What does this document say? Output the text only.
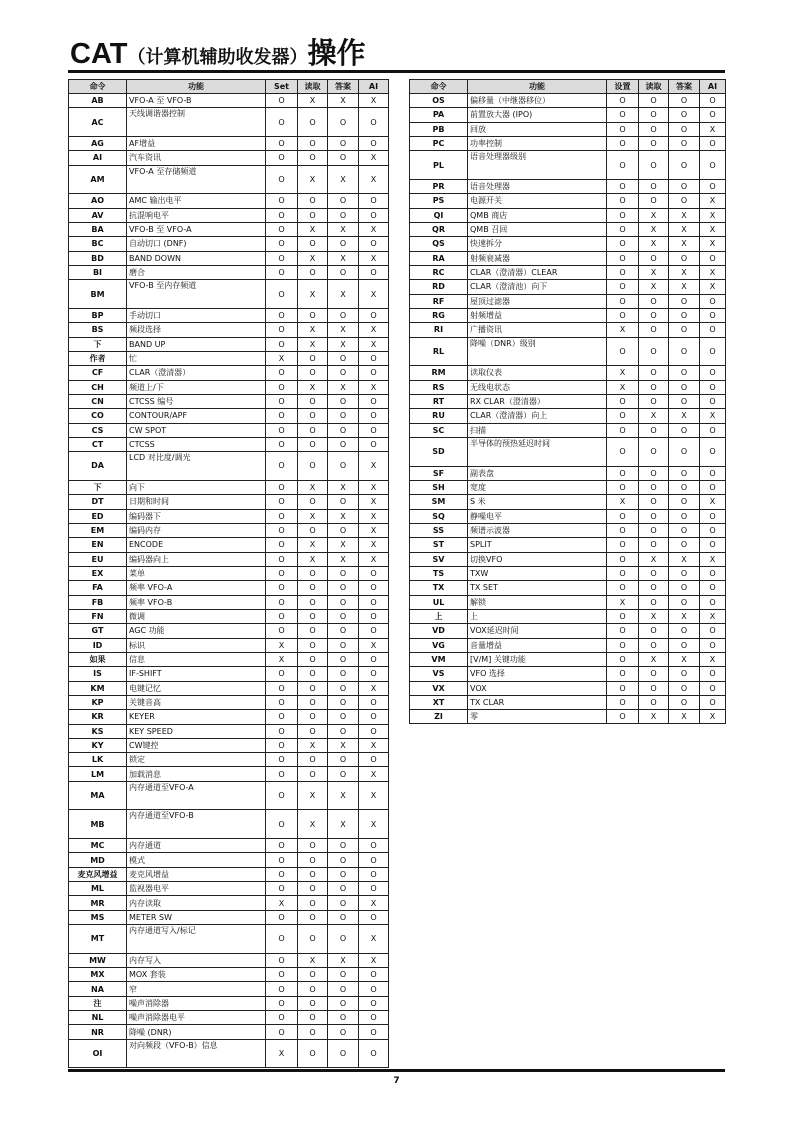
CAT（计算机辅助收发器）操作
命令	功能	Set	读取	答案	AI
AB	VFO-A 至 VFO-B	O	X	X	X
AC	天线调谐器控制	O	O	O	O
AG	AF增益	O	O	O	O
AI	汽车资讯	O	O	O	X
AM	VFO-A 至存储频道	O	X	X	X
AO	AMC 输出电平	O	O	O	O
AV	抗混响电平	O	O	O	O
BA	VFO-B 至 VFO-A	O	X	X	X
BC	自动切口 (DNF)	O	O	O	O
BD	BAND DOWN	O	X	X	X
BI	磨合	O	O	O	O
BM	VFO-B 至内存频道	O	X	X	X
BP	手动切口	O	O	O	O
BS	频段选择	O	X	X	X
下	BAND UP	O	X	X	X
作者	忙	X	O	O	O
CF	CLAR（澄清器）	O	O	O	O
CH	频道上/下	O	X	X	X
CN	CTCSS 编号	O	O	O	O
CO	CONTOUR/APF	O	O	O	O
CS	CW SPOT	O	O	O	O
CT	CTCSS	O	O	O	O
DA	LCD 对比度/调光	O	O	O	X
下	向下	O	X	X	X
DT	日期和时间	O	O	O	X
ED	编码器下	O	X	X	X
EM	编码内存	O	O	O	X
EN	ENCODE	O	X	X	X
EU	编码器向上	O	X	X	X
EX	菜单	O	O	O	O
FA	频率 VFO-A	O	O	O	O
FB	频率 VFO-B	O	O	O	O
FN	微调	O	O	O	O
GT	AGC 功能	O	O	O	O
ID	标识	X	O	O	X
如果	信息	X	O	O	O
IS	IF-SHIFT	O	O	O	O
KM	电键记忆	O	O	O	X
KP	关键音高	O	O	O	O
KR	KEYER	O	O	O	O
KS	KEY SPEED	O	O	O	O
KY	CW键控	O	X	X	X
LK	锁定	O	O	O	O
LM	加载消息	O	O	O	X
MA	内存通道至VFO-A	O	X	X	X
MB	内存通道至VFO-B	O	X	X	X
MC	内存通道	O	O	O	O
MD	模式	O	O	O	O
麦克风增益	麦克风增益	O	O	O	O
ML	监视器电平	O	O	O	O
MR	内存读取	X	O	O	X
MS	METER SW	O	O	O	O
MT	内存通道写入/标记	O	O	O	X
MW	内存写入	O	X	X	X
MX	MOX 套装	O	O	O	O
NA	窄	O	O	O	O
注	噪声消除器	O	O	O	O
NL	噪声消除器电平	O	O	O	O
NR	降噪 (DNR)	O	O	O	O
OI	对向频段（VFO-B）信息	X	O	O	O
命令	功能	设置	读取	答案	AI
OS	偏移量（中继器移位）	O	O	O	O
PA	前置放大器 (IPO)	O	O	O	O
PB	回放	O	O	O	X
PC	功率控制	O	O	O	O
PL	语音处理器级别	O	O	O	O
PR	语音处理器	O	O	O	O
PS	电源开关	O	O	O	X
QI	QMB 商店	O	X	X	X
QR	QMB 召回	O	X	X	X
QS	快速拆分	O	X	X	X
RA	射频衰减器	O	O	O	O
RC	CLAR（澄清器）CLEAR	O	X	X	X
RD	CLAR（澄清池）向下	O	X	X	X
RF	屋顶过滤器	O	O	O	O
RG	射频增益	O	O	O	O
RI	广播资讯	X	O	O	O
RL	降噪（DNR）级别	O	O	O	O
RM	读取仪表	X	O	O	O
RS	无线电状态	X	O	O	O
RT	RX CLAR（澄清器）	O	O	O	O
RU	CLAR（澄清器）向上	O	X	X	X
SC	扫描	O	O	O	O
SD	半导体的预热延迟时间	O	O	O	O
SF	副表盘	O	O	O	O
SH	宽度	O	O	O	O
SM	S 米	X	O	O	X
SQ	静噪电平	O	O	O	O
SS	频谱示波器	O	O	O	O
ST	SPLIT	O	O	O	O
SV	切换VFO	O	X	X	X
TS	TXW	O	O	O	O
TX	TX SET	O	O	O	O
UL	解锁	X	O	O	O
上	上	O	X	X	X
VD	VOX延迟时间	O	O	O	O
VG	音量增益	O	O	O	O
VM	[V/M] 关键功能	O	X	X	X
VS	VFO 选择	O	O	O	O
VX	VOX	O	O	O	O
XT	TX CLAR	O	O	O	O
ZI	零	O	X	X	X
7
